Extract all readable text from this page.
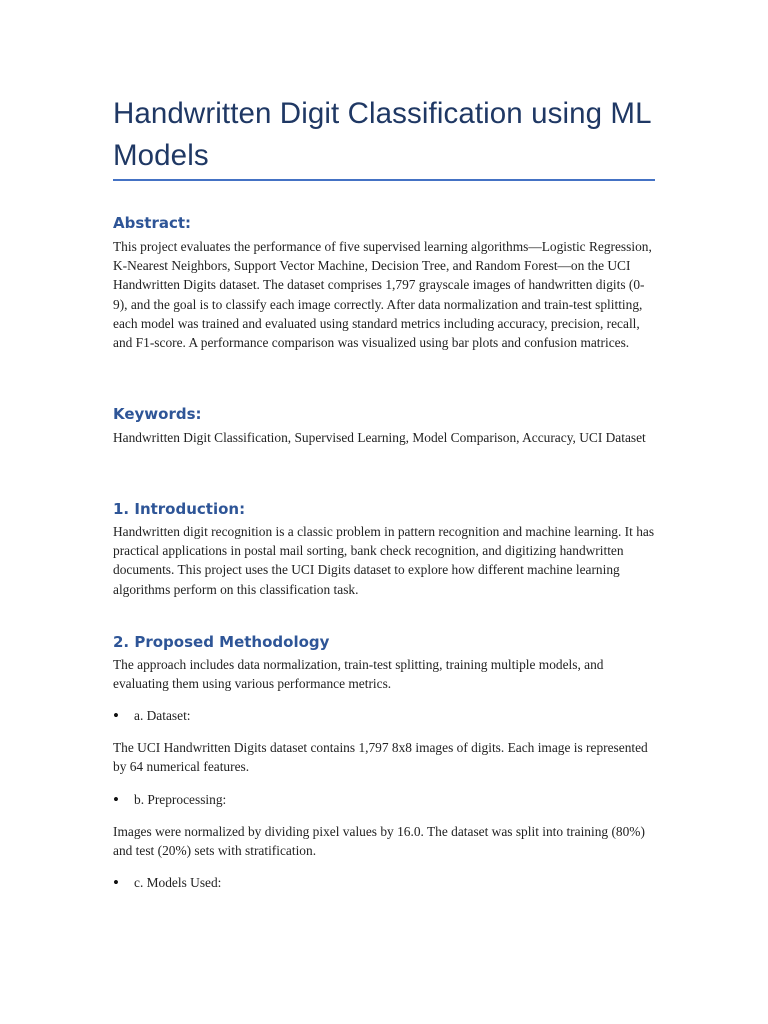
Handwritten Digit Classification using ML Models
Abstract:

This project evaluates the performance of five supervised learning algorithms—Logistic Regression, K-Nearest Neighbors, Support Vector Machine, Decision Tree, and Random Forest—on the UCI Handwritten Digits dataset. The dataset comprises 1,797 grayscale images of handwritten digits (0-9), and the goal is to classify each image correctly. After data normalization and train-test splitting, each model was trained and evaluated using standard metrics including accuracy, precision, recall, and F1-score. A performance comparison was visualized using bar plots and confusion matrices.

Keywords:

Handwritten Digit Classification, Supervised Learning, Model Comparison, Accuracy, UCI Dataset

1. Introduction:

Handwritten digit recognition is a classic problem in pattern recognition and machine learning. It has practical applications in postal mail sorting, bank check recognition, and digitizing handwritten documents. This project uses the UCI Digits dataset to explore how different machine learning algorithms perform on this classification task.

2. Proposed Methodology

The approach includes data normalization, train-test splitting, training multiple models, and evaluating them using various performance metrics.

• a. Dataset:

The UCI Handwritten Digits dataset contains 1,797 8x8 images of digits. Each image is represented by 64 numerical features.

• b. Preprocessing:

Images were normalized by dividing pixel values by 16.0. The dataset was split into training (80%) and test (20%) sets with stratification.

• c. Models Used:
